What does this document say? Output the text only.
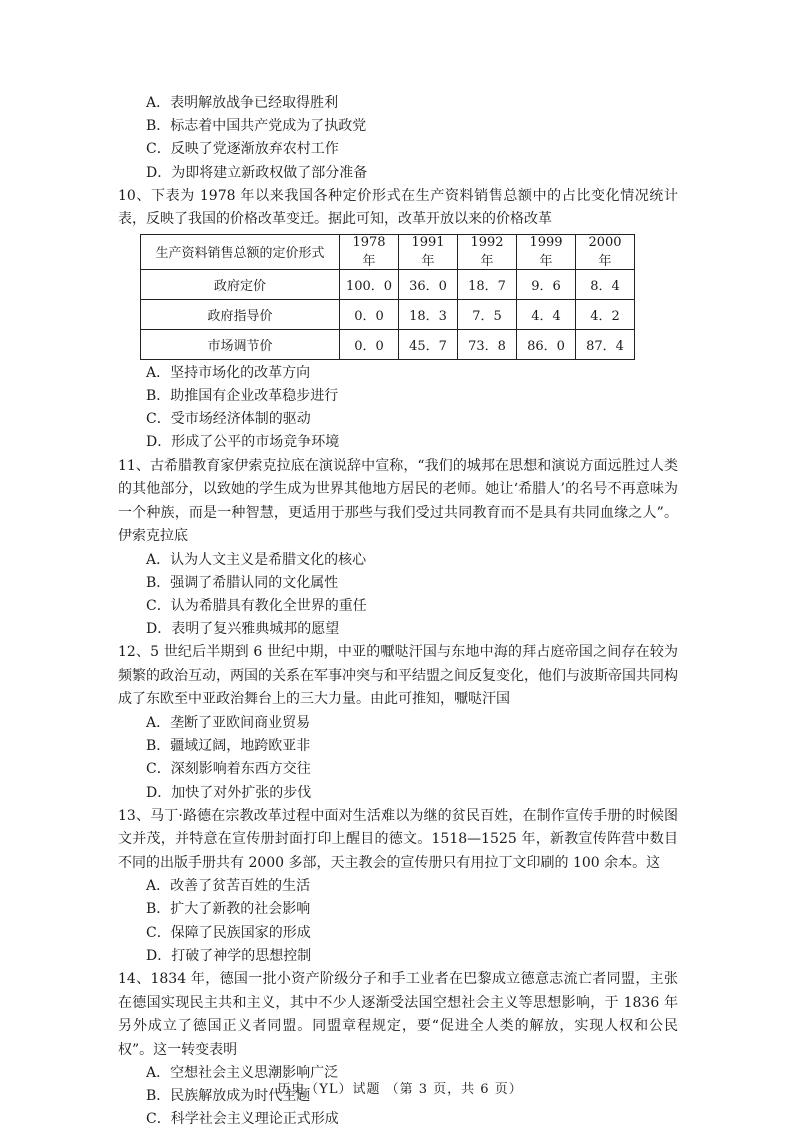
A．表明解放战争已经取得胜利
B．标志着中国共产党成为了执政党
C．反映了党逐渐放弃农村工作
D．为即将建立新政权做了部分准备

10、下表为 1978 年以来我国各种定价形式在生产资料销售总额中的占比变化情况统计表，反映了我国的价格改革变迁。据此可知，改革开放以来的价格改革

生产资料销售总额的定价形式	1978 年	1991 年	1992 年	1999 年	2000 年
政府定价	100．0	36．0	18．7	9．6	8．4
政府指导价	0．0	18．3	7．5	4．4	4．2
市场调节价	0．0	45．7	73．8	86．0	87．4
A．坚持市场化的改革方向
B．助推国有企业改革稳步进行
C．受市场经济体制的驱动
D．形成了公平的市场竞争环境

11、古希腊教育家伊索克拉底在演说辞中宣称，“我们的城邦在思想和演说方面远胜过人类的其他部分，以致她的学生成为世界其他地方居民的老师。她让‘希腊人’的名号不再意味为一个种族，而是一种智慧，更适用于那些与我们受过共同教育而不是具有共同血缘之人”。伊索克拉底

A．认为人文主义是希腊文化的核心
B．强调了希腊认同的文化属性
C．认为希腊具有教化全世界的重任
D．表明了复兴雅典城邦的愿望

12、5 世纪后半期到 6 世纪中期，中亚的嚈哒汗国与东地中海的拜占庭帝国之间存在较为频繁的政治互动，两国的关系在军事冲突与和平结盟之间反复变化，他们与波斯帝国共同构成了东欧至中亚政治舞台上的三大力量。由此可推知，嚈哒汗国

A．垄断了亚欧间商业贸易
B．疆域辽阔，地跨欧亚非
C．深刻影响着东西方交往
D．加快了对外扩张的步伐

13、马丁·路德在宗教改革过程中面对生活难以为继的贫民百姓，在制作宣传手册的时候图文并茂，并特意在宣传册封面打印上醒目的德文。1518—1525 年，新教宣传阵营中数目不同的出版手册共有 2000 多部，天主教会的宣传册只有用拉丁文印刷的 100 余本。这

A．改善了贫苦百姓的生活
B．扩大了新教的社会影响
C．保障了民族国家的形成
D．打破了神学的思想控制

14、1834 年，德国一批小资产阶级分子和手工业者在巴黎成立德意志流亡者同盟，主张在德国实现民主共和主义，其中不少人逐渐受法国空想社会主义等思想影响，于 1836 年另外成立了德国正义者同盟。同盟章程规定，要“促进全人类的解放，实现人权和公民权”。这一转变表明

A．空想社会主义思潮影响广泛
B．民族解放成为时代主题
C．科学社会主义理论正式形成
历史（YL）试题 （第 3 页，共 6 页）
